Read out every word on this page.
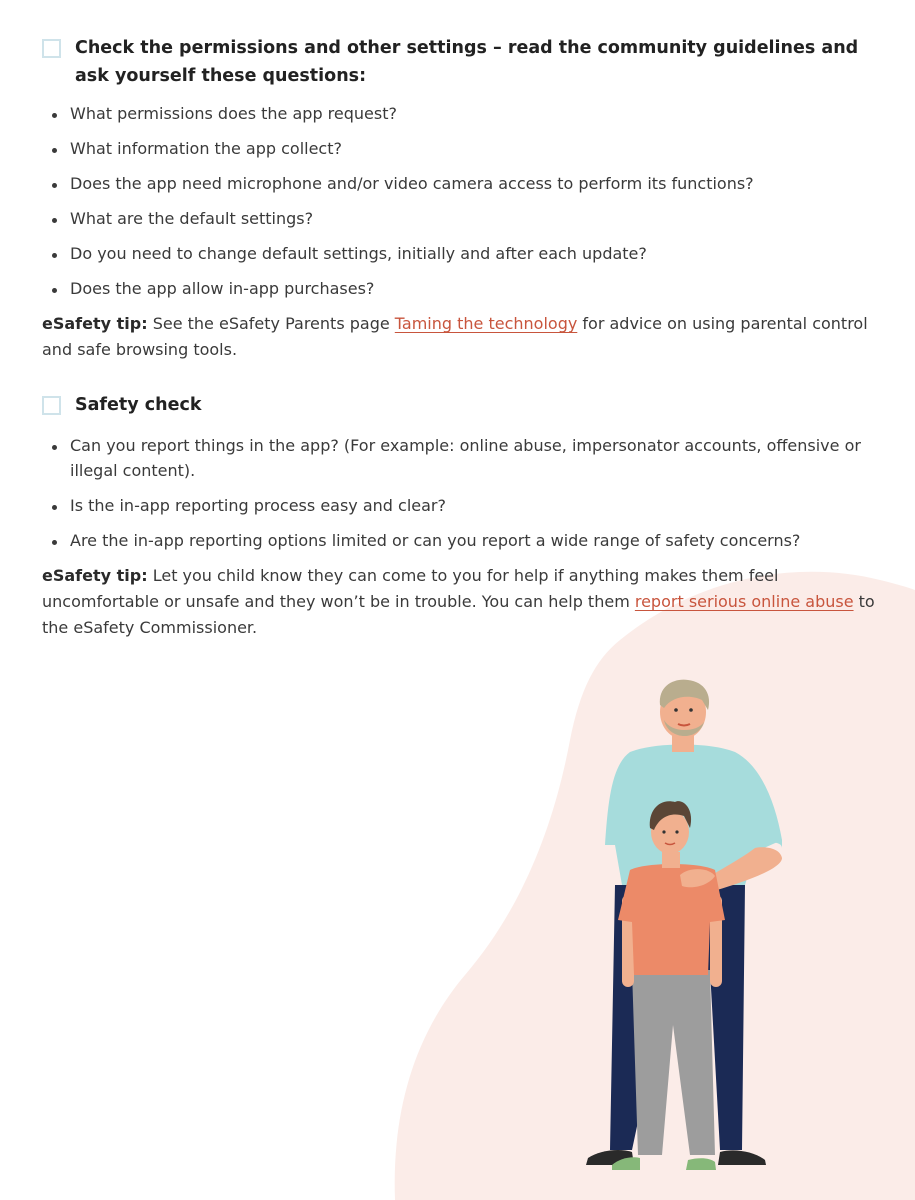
Check the permissions and other settings – read the community guidelines and ask yourself these questions:
What permissions does the app request?
What information the app collect?
Does the app need microphone and/or video camera access to perform its functions?
What are the default settings?
Do you need to change default settings, initially and after each update?
Does the app allow in-app purchases?

eSafety tip: See the eSafety Parents page Taming the technology for advice on using parental control and safe browsing tools.

Safety check
Can you report things in the app? (For example: online abuse, impersonator accounts, offensive or illegal content).
Is the in-app reporting process easy and clear?
Are the in-app reporting options limited or can you report a wide range of safety concerns?

eSafety tip: Let you child know they can come to you for help if anything makes them feel uncomfortable or unsafe and they won’t be in trouble. You can help them report serious online abuse to the eSafety Commissioner.
